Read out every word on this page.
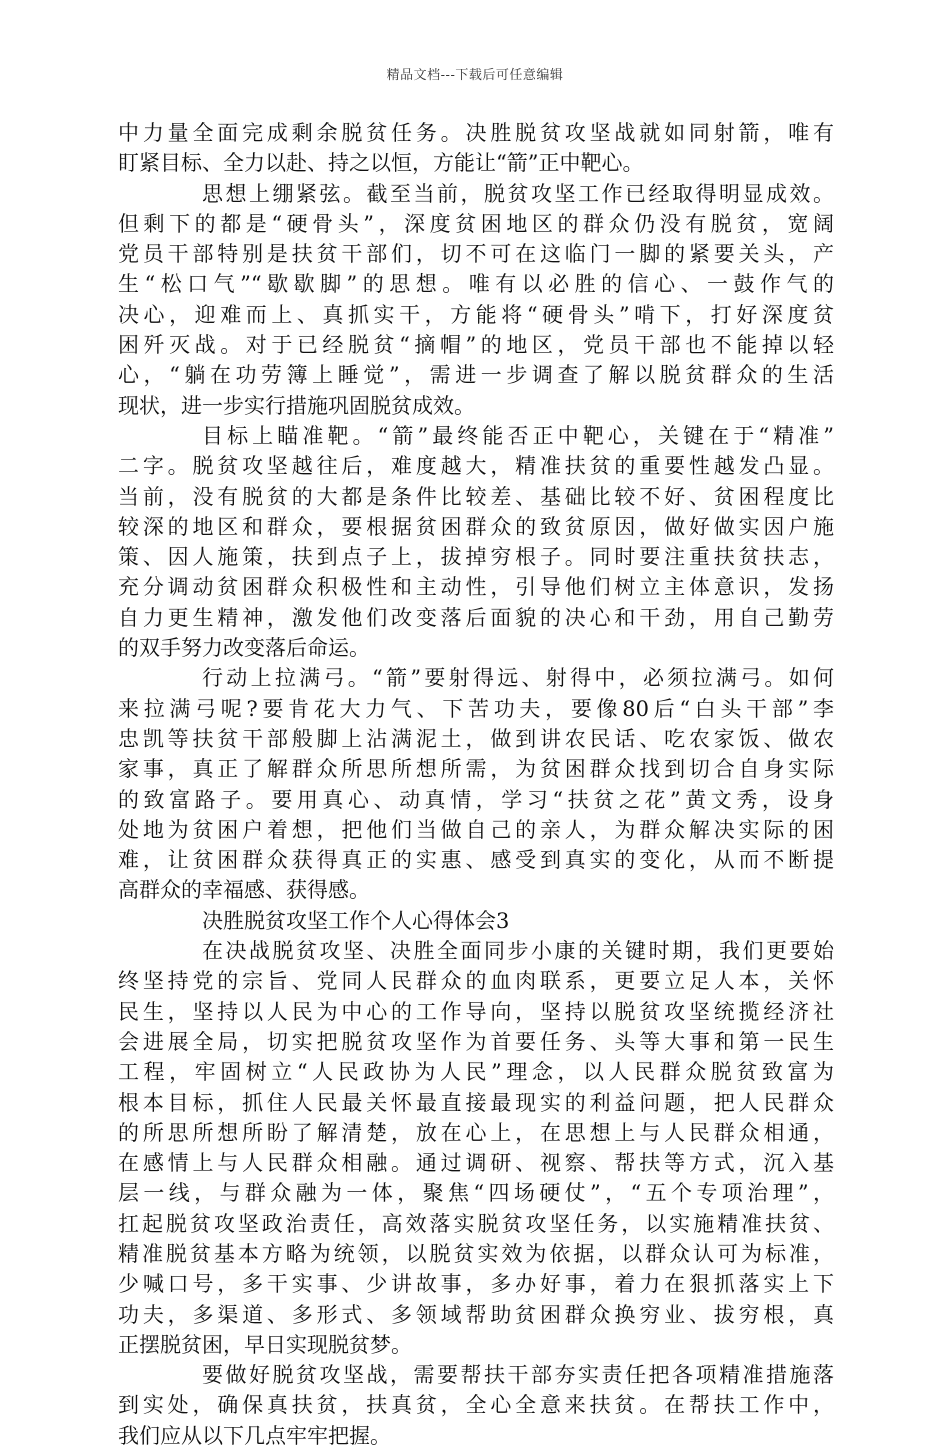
精品文档---下载后可任意编辑
中力量全面完成剩余脱贫任务。决胜脱贫攻坚战就如同射箭，唯有
盯紧目标、全力以赴、持之以恒，方能让“箭”正中靶心。
思想上绷紧弦。截至当前，脱贫攻坚工作已经取得明显成效。
但剩下的都是“硬骨头”，深度贫困地区的群众仍没有脱贫，宽阔
党员干部特别是扶贫干部们，切不可在这临门一脚的紧要关头，产
生“松口气”“歇歇脚”的思想。唯有以必胜的信心、一鼓作气的
决心，迎难而上、真抓实干，方能将“硬骨头”啃下，打好深度贫
困歼灭战。对于已经脱贫“摘帽”的地区，党员干部也不能掉以轻
心，“躺在功劳簿上睡觉”，需进一步调查了解以脱贫群众的生活
现状，进一步实行措施巩固脱贫成效。
目标上瞄准靶。“箭”最终能否正中靶心，关键在于“精准”
二字。脱贫攻坚越往后，难度越大，精准扶贫的重要性越发凸显。
当前，没有脱贫的大都是条件比较差、基础比较不好、贫困程度比
较深的地区和群众，要根据贫困群众的致贫原因，做好做实因户施
策、因人施策，扶到点子上，拔掉穷根子。同时要注重扶贫扶志，
充分调动贫困群众积极性和主动性，引导他们树立主体意识，发扬
自力更生精神，激发他们改变落后面貌的决心和干劲，用自己勤劳
的双手努力改变落后命运。
行动上拉满弓。“箭”要射得远、射得中，必须拉满弓。如何
来拉满弓呢?要肯花大力气、下苦功夫，要像80后“白头干部”李
忠凯等扶贫干部般脚上沾满泥土，做到讲农民话、吃农家饭、做农
家事，真正了解群众所思所想所需，为贫困群众找到切合自身实际
的致富路子。要用真心、动真情，学习“扶贫之花”黄文秀，设身
处地为贫困户着想，把他们当做自己的亲人，为群众解决实际的困
难，让贫困群众获得真正的实惠、感受到真实的变化，从而不断提
高群众的幸福感、获得感。
决胜脱贫攻坚工作个人心得体会3
在决战脱贫攻坚、决胜全面同步小康的关键时期，我们更要始
终坚持党的宗旨、党同人民群众的血肉联系，更要立足人本，关怀
民生，坚持以人民为中心的工作导向，坚持以脱贫攻坚统揽经济社
会进展全局，切实把脱贫攻坚作为首要任务、头等大事和第一民生
工程，牢固树立“人民政协为人民”理念，以人民群众脱贫致富为
根本目标，抓住人民最关怀最直接最现实的利益问题，把人民群众
的所思所想所盼了解清楚，放在心上，在思想上与人民群众相通，
在感情上与人民群众相融。通过调研、视察、帮扶等方式，沉入基
层一线，与群众融为一体，聚焦“四场硬仗”，“五个专项治理”，
扛起脱贫攻坚政治责任，高效落实脱贫攻坚任务，以实施精准扶贫、
精准脱贫基本方略为统领，以脱贫实效为依据，以群众认可为标准，
少喊口号，多干实事、少讲故事，多办好事，着力在狠抓落实上下
功夫，多渠道、多形式、多领域帮助贫困群众换穷业、拔穷根，真
正摆脱贫困，早日实现脱贫梦。
要做好脱贫攻坚战，需要帮扶干部夯实责任把各项精准措施落
到实处，确保真扶贫，扶真贫，全心全意来扶贫。在帮扶工作中，
我们应从以下几点牢牢把握。
